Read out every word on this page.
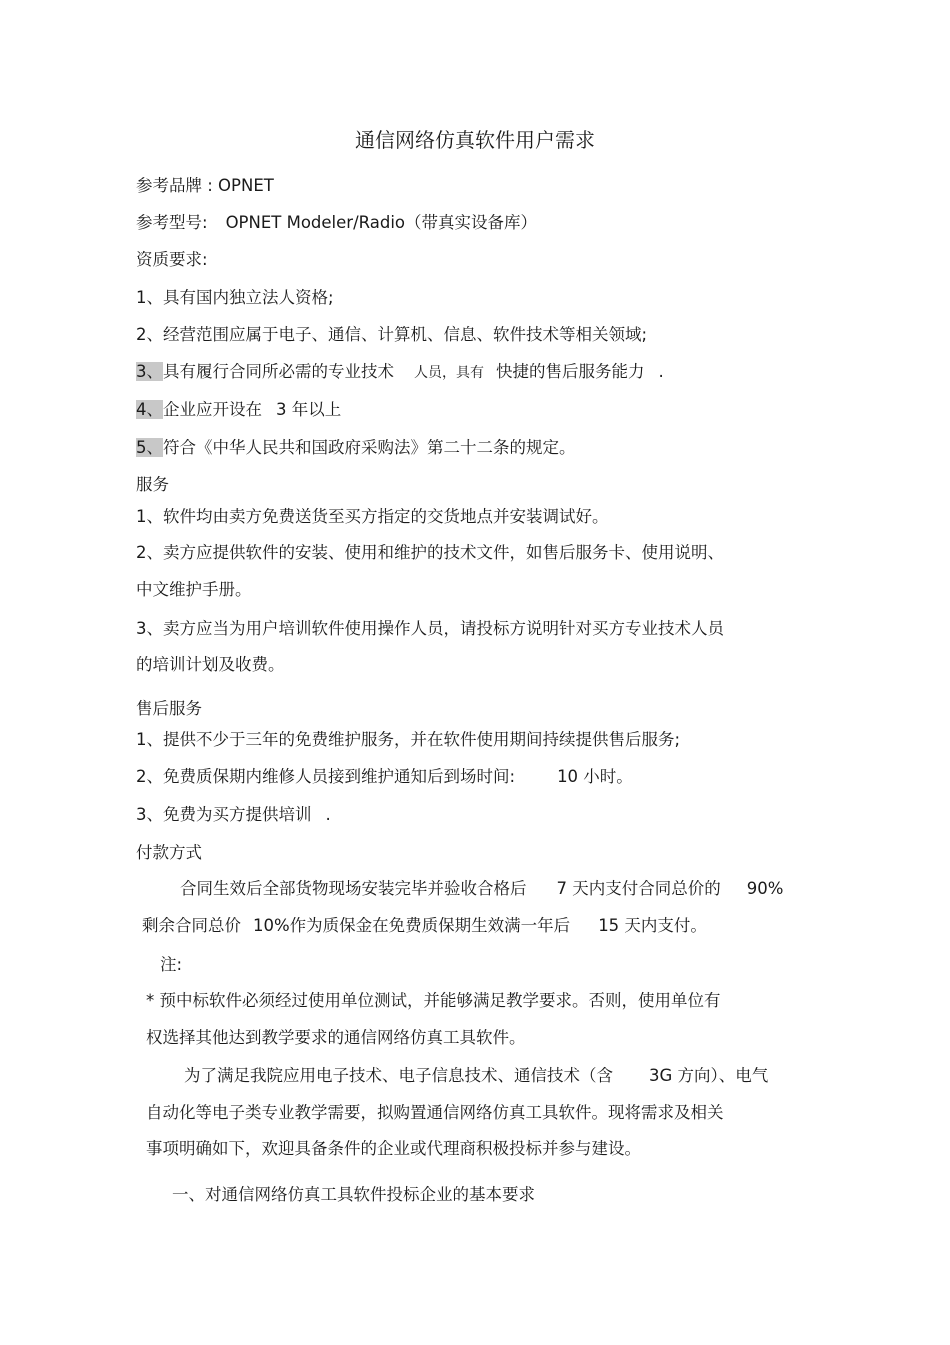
通信网络仿真软件用户需求
参考品牌 : OPNET
参考型号: OPNET Modeler/Radio（带真实设备库）
资质要求:
1、具有国内独立法人资格;
2、经营范围应属于电子、通信、计算机、信息、软件技术等相关领域;
3、具有履行合同所必需的专业技术 人员，具有 快捷的售后服务能力 .
4、企业应开设在 3 年以上
5、符合《中华人民共和国政府采购法》第二十二条的规定。
服务
1、软件均由卖方免费送货至买方指定的交货地点并安装调试好。
2、卖方应提供软件的安装、使用和维护的技术文件，如售后服务卡、使用说明、
中文维护手册。
3、卖方应当为用户培训软件使用操作人员，请投标方说明针对买方专业技术人员
的培训计划及收费。
售后服务
1、提供不少于三年的免费维护服务，并在软件使用期间持续提供售后服务;
2、免费质保期内维修人员接到维护通知后到场时间:	10 小时。
3、免费为买方提供培训 .
付款方式
合同生效后全部货物现场安装完毕并验收合格后 7 天内支付合同总价的 90%
剩余合同总价 10%作为质保金在免费质保期生效满一年后 15 天内支付。
注:
* 预中标软件必须经过使用单位测试，并能够满足教学要求。否则，使用单位有
权选择其他达到教学要求的通信网络仿真工具软件。
为了满足我院应用电子技术、电子信息技术、通信技术（含 3G 方向）、电气
自动化等电子类专业教学需要，拟购置通信网络仿真工具软件。现将需求及相关
事项明确如下，欢迎具备条件的企业或代理商积极投标并参与建设。
一、对通信网络仿真工具软件投标企业的基本要求
